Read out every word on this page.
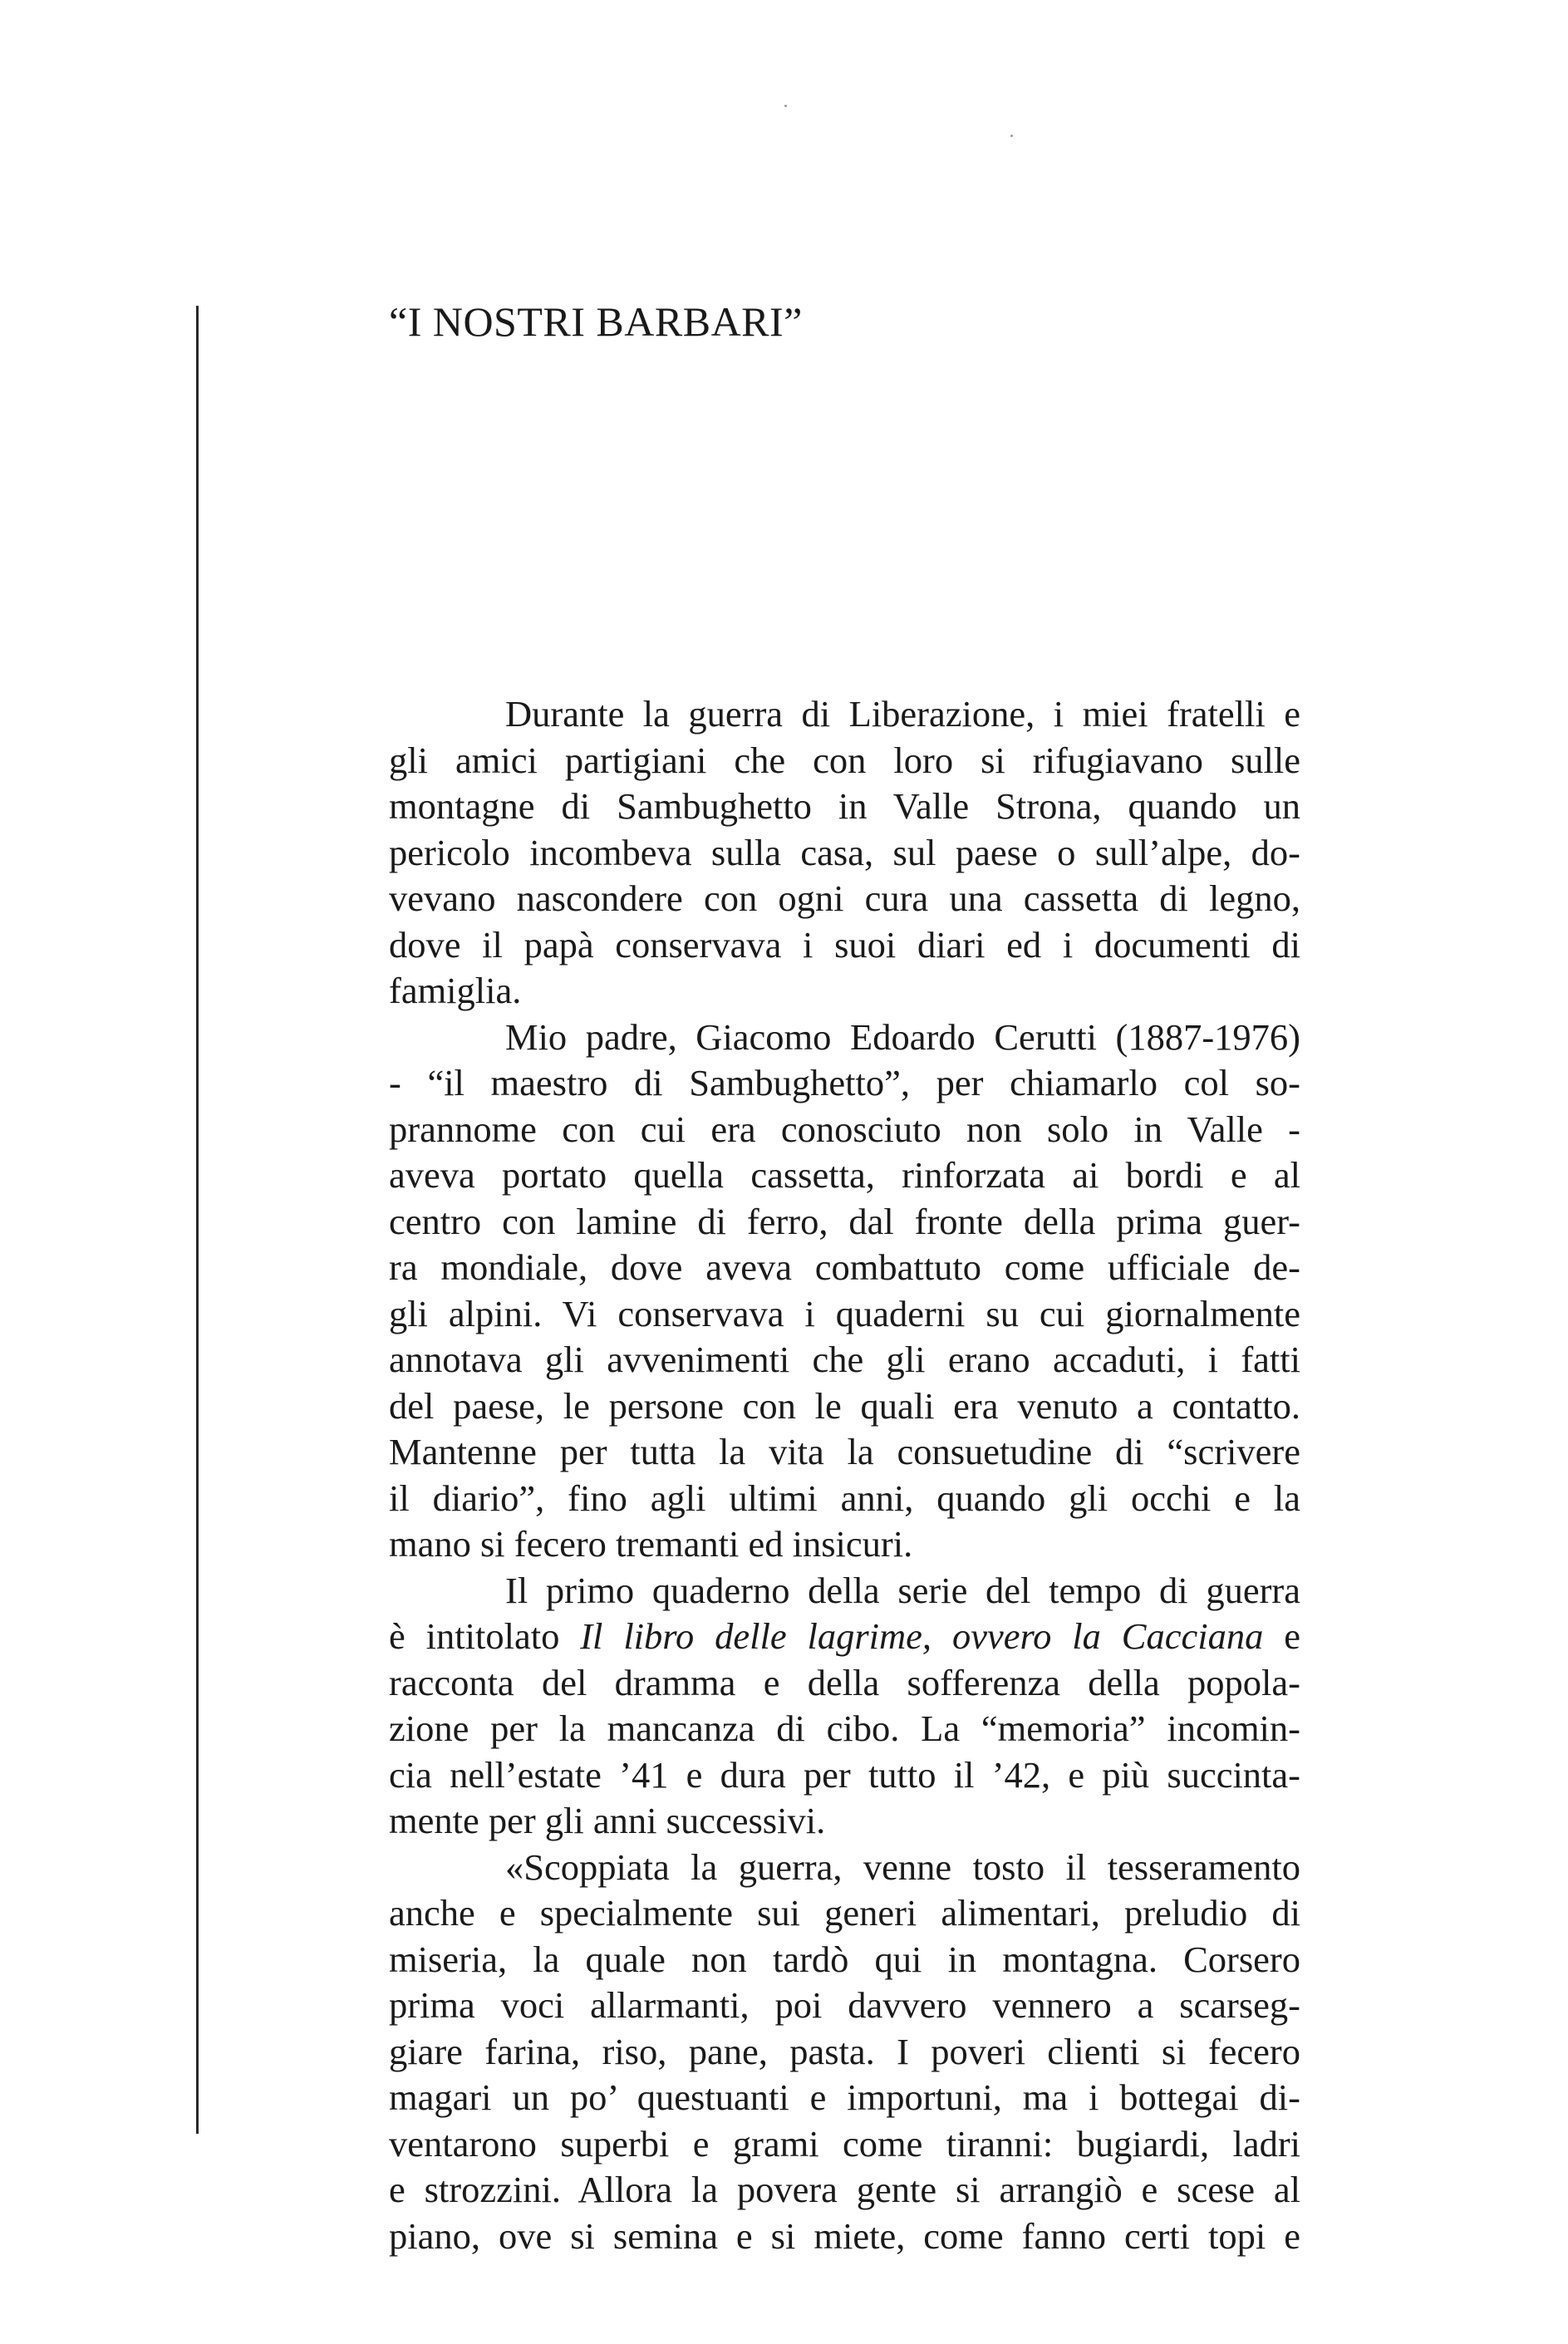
“I NOSTRI BARBARI”

Durante la guerra di Liberazione, i miei fratelli e
gli amici partigiani che con loro si rifugiavano sulle
montagne di Sambughetto in Valle Strona, quando un
pericolo incombeva sulla casa, sul paese o sull’alpe, do-
vevano nascondere con ogni cura una cassetta di legno,
dove il papà conservava i suoi diari ed i documenti di
famiglia.

Mio padre, Giacomo Edoardo Cerutti (1887-1976)
- “il maestro di Sambughetto”, per chiamarlo col so-
prannome con cui era conosciuto non solo in Valle -
aveva portato quella cassetta, rinforzata ai bordi e al
centro con lamine di ferro, dal fronte della prima guer-
ra mondiale, dove aveva combattuto come ufficiale de-
gli alpini. Vi conservava i quaderni su cui giornalmente
annotava gli avvenimenti che gli erano accaduti, i fatti
del paese, le persone con le quali era venuto a contatto.
Mantenne per tutta la vita la consuetudine di “scrivere
il diario”, fino agli ultimi anni, quando gli occhi e la
mano si fecero tremanti ed insicuri.

Il primo quaderno della serie del tempo di guerra
è intitolato Il libro delle lagrime, ovvero la Cacciana e
racconta del dramma e della sofferenza della popola-
zione per la mancanza di cibo. La “memoria” incomin-
cia nell’estate ’41 e dura per tutto il ’42, e più succinta-
mente per gli anni successivi.

«Scoppiata la guerra, venne tosto il tesseramento
anche e specialmente sui generi alimentari, preludio di
miseria, la quale non tardò qui in montagna. Corsero
prima voci allarmanti, poi davvero vennero a scarseg-
giare farina, riso, pane, pasta. I poveri clienti si fecero
magari un po’ questuanti e importuni, ma i bottegai di-
ventarono superbi e grami come tiranni: bugiardi, ladri
e strozzini. Allora la povera gente si arrangiò e scese al
piano, ove si semina e si miete, come fanno certi topi e
